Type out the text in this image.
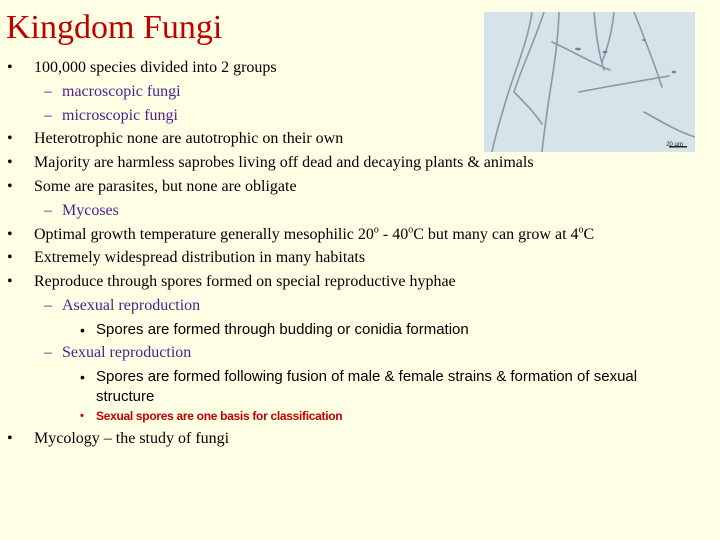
Kingdom Fungi
20 µm
• 100,000 species divided into 2 groups
– macroscopic fungi
– microscopic fungi
• Heterotrophic none are autotrophic on their own
• Majority are harmless saprobes living off dead and decaying plants & animals
• Some are parasites, but none are obligate
– Mycoses
• Optimal growth temperature generally mesophilic 20$^o$ - 40$^o$C but many can grow at 4$^o$C
• Extremely widespread distribution in many habitats
• Reproduce through spores formed on special reproductive hyphae
– Asexual reproduction
• Spores are formed through budding or conidia formation
– Sexual reproduction
• Spores are formed following fusion of male & female strains & formation of sexual
structure
• Sexual spores are one basis for classification
• Mycology – the study of fungi
